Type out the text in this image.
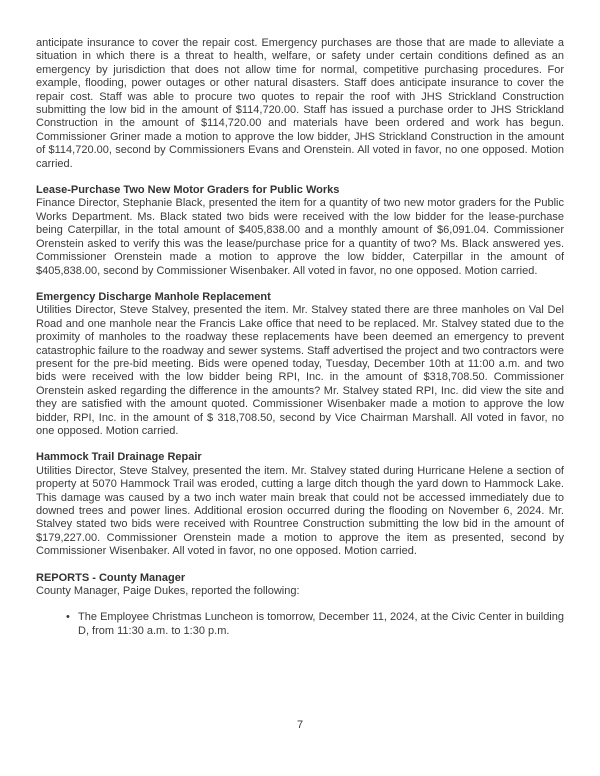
anticipate insurance to cover the repair cost. Emergency purchases are those that are made to alleviate a situation in which there is a threat to health, welfare, or safety under certain conditions defined as an emergency by jurisdiction that does not allow time for normal, competitive purchasing procedures. For example, flooding, power outages or other natural disasters. Staff does anticipate insurance to cover the repair cost. Staff was able to procure two quotes to repair the roof with JHS Strickland Construction submitting the low bid in the amount of $114,720.00. Staff has issued a purchase order to JHS Strickland Construction in the amount of $114,720.00 and materials have been ordered and work has begun. Commissioner Griner made a motion to approve the low bidder, JHS Strickland Construction in the amount of $114,720.00, second by Commissioners Evans and Orenstein. All voted in favor, no one opposed. Motion carried.

Lease-Purchase Two New Motor Graders for Public Works

Finance Director, Stephanie Black, presented the item for a quantity of two new motor graders for the Public Works Department. Ms. Black stated two bids were received with the low bidder for the lease-purchase being Caterpillar, in the total amount of $405,838.00 and a monthly amount of $6,091.04. Commissioner Orenstein asked to verify this was the lease/purchase price for a quantity of two? Ms. Black answered yes. Commissioner Orenstein made a motion to approve the low bidder, Caterpillar in the amount of $405,838.00, second by Commissioner Wisenbaker. All voted in favor, no one opposed. Motion carried.

Emergency Discharge Manhole Replacement

Utilities Director, Steve Stalvey, presented the item. Mr. Stalvey stated there are three manholes on Val Del Road and one manhole near the Francis Lake office that need to be replaced. Mr. Stalvey stated due to the proximity of manholes to the roadway these replacements have been deemed an emergency to prevent catastrophic failure to the roadway and sewer systems. Staff advertised the project and two contractors were present for the pre-bid meeting. Bids were opened today, Tuesday, December 10th at 11:00 a.m. and two bids were received with the low bidder being RPI, Inc. in the amount of $318,708.50. Commissioner Orenstein asked regarding the difference in the amounts? Mr. Stalvey stated RPI, Inc. did view the site and they are satisfied with the amount quoted. Commissioner Wisenbaker made a motion to approve the low bidder, RPI, Inc. in the amount of $ 318,708.50, second by Vice Chairman Marshall. All voted in favor, no one opposed. Motion carried.

Hammock Trail Drainage Repair

Utilities Director, Steve Stalvey, presented the item. Mr. Stalvey stated during Hurricane Helene a section of property at 5070 Hammock Trail was eroded, cutting a large ditch though the yard down to Hammock Lake. This damage was caused by a two inch water main break that could not be accessed immediately due to downed trees and power lines. Additional erosion occurred during the flooding on November 6, 2024. Mr. Stalvey stated two bids were received with Rountree Construction submitting the low bid in the amount of $179,227.00. Commissioner Orenstein made a motion to approve the item as presented, second by Commissioner Wisenbaker. All voted in favor, no one opposed. Motion carried.

REPORTS - County Manager

County Manager, Paige Dukes, reported the following:

• The Employee Christmas Luncheon is tomorrow, December 11, 2024, at the Civic Center in building D, from 11:30 a.m. to 1:30 p.m.
7
